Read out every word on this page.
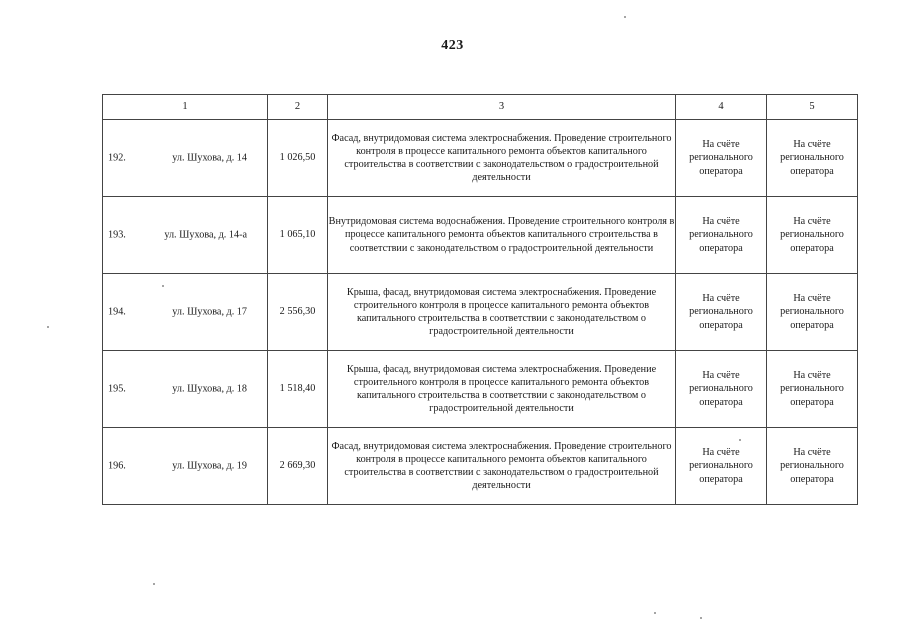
423
1	2	3	4	5

192. ул. Шухова, д. 14	1 026,50	Фасад, внутридомовая система электроснабжения. Проведение строительного контроля в процессе капитального ремонта объектов капитального строительства в соответствии с законодательством о градостроительной деятельности	На счёте регионального оператора	На счёте регионального оператора

193. ул. Шухова, д. 14-а	1 065,10	Внутридомовая система водоснабжения. Проведение строительного контроля в процессе капитального ремонта объектов капитального строительства в соответствии с законодательством о градостроительной деятельности	На счёте регионального оператора	На счёте регионального оператора

194. ул. Шухова, д. 17	2 556,30	Крыша, фасад, внутридомовая система электроснабжения. Проведение строительного контроля в процессе капитального ремонта объектов капитального строительства в соответствии с законодательством о градостроительной деятельности	На счёте регионального оператора	На счёте регионального оператора

195. ул. Шухова, д. 18	1 518,40	Крыша, фасад, внутридомовая система электроснабжения. Проведение строительного контроля в процессе капитального ремонта объектов капитального строительства в соответствии с законодательством о градостроительной деятельности	На счёте регионального оператора	На счёте регионального оператора

196. ул. Шухова, д. 19	2 669,30	Фасад, внутридомовая система электроснабжения. Проведение строительного контроля в процессе капитального ремонта объектов капитального строительства в соответствии с законодательством о градостроительной деятельности	На счёте регионального оператора	На счёте регионального оператора
